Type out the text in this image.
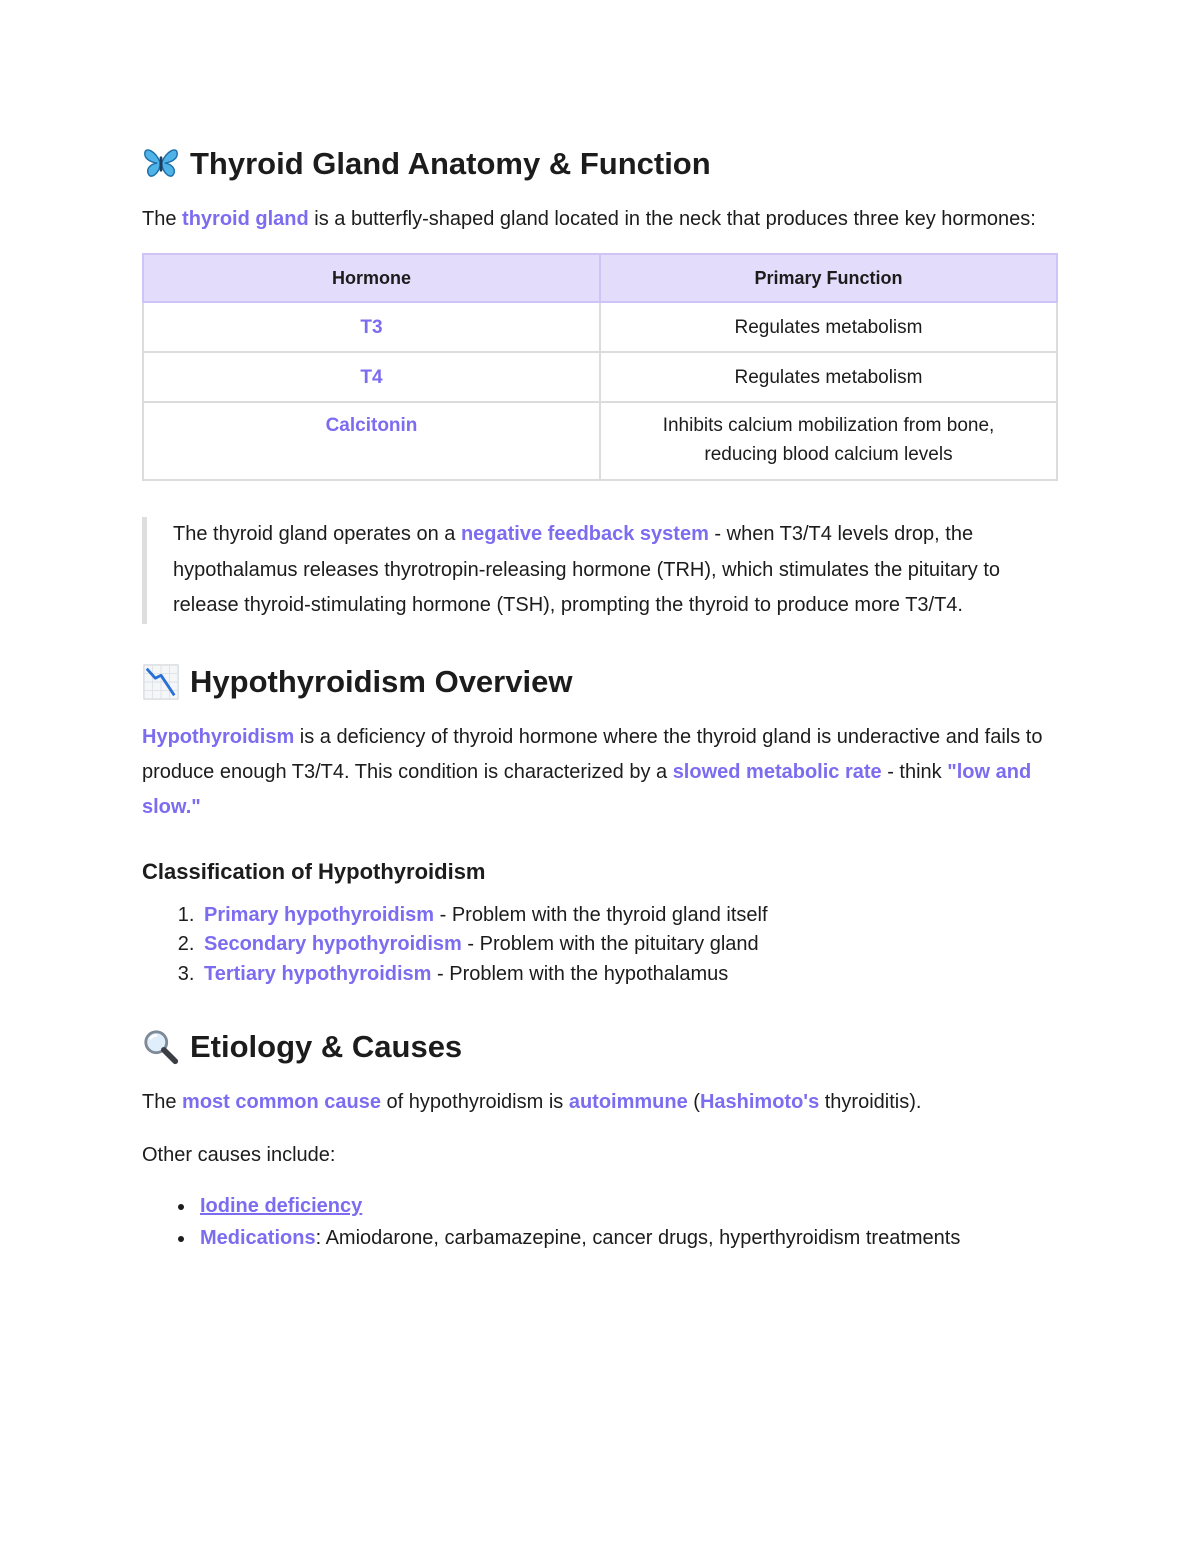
Thyroid Gland Anatomy & Function

The thyroid gland is a butterfly-shaped gland located in the neck that produces three key hormones:

Hormone	Primary Function
T3	Regulates metabolism
T4	Regulates metabolism
Calcitonin	Inhibits calcium mobilization from bone, reducing blood calcium levels
The thyroid gland operates on a negative feedback system - when T3/T4 levels drop, the hypothalamus releases thyrotropin-releasing hormone (TRH), which stimulates the pituitary to release thyroid-stimulating hormone (TSH), prompting the thyroid to produce more T3/T4.
Hypothyroidism Overview

Hypothyroidism is a deficiency of thyroid hormone where the thyroid gland is underactive and fails to produce enough T3/T4. This condition is characterized by a slowed metabolic rate - think "low and slow."

Classification of Hypothyroidism
1. Primary hypothyroidism - Problem with the thyroid gland itself
2. Secondary hypothyroidism - Problem with the pituitary gland
3. Tertiary hypothyroidism - Problem with the hypothalamus
Etiology & Causes

The most common cause of hypothyroidism is autoimmune (Hashimoto's thyroiditis).

Other causes include:

Iodine deficiency
Medications: Amiodarone, carbamazepine, cancer drugs, hyperthyroidism treatments
